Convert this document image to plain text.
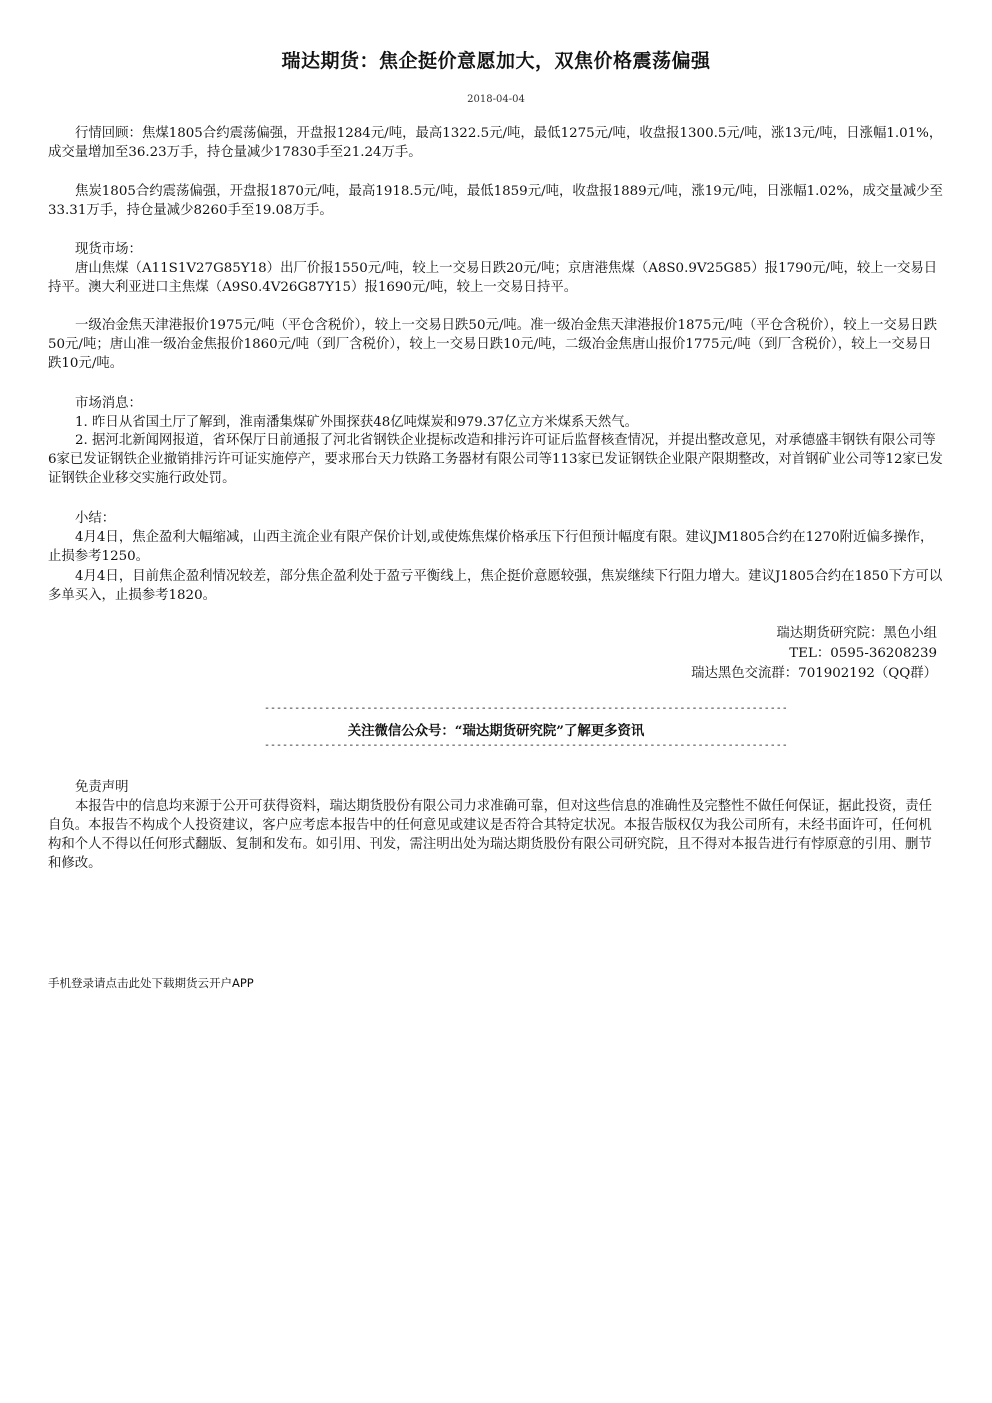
瑞达期货：焦企挺价意愿加大，双焦价格震荡偏强
2018-04-04
行情回顾：焦煤1805合约震荡偏强，开盘报1284元/吨，最高1322.5元/吨，最低1275元/吨，收盘报1300.5元/吨，涨13元/吨，日涨幅1.01%，成交量增加至36.23万手，持仓量减少17830手至21.24万手。
焦炭1805合约震荡偏强，开盘报1870元/吨，最高1918.5元/吨，最低1859元/吨，收盘报1889元/吨，涨19元/吨，日涨幅1.02%，成交量减少至33.31万手，持仓量减少8260手至19.08万手。
现货市场：
唐山焦煤（A11S1V27G85Y18）出厂价报1550元/吨，较上一交易日跌20元/吨；京唐港焦煤（A8S0.9V25G85）报1790元/吨，较上一交易日持平。澳大利亚进口主焦煤（A9S0.4V26G87Y15）报1690元/吨，较上一交易日持平。
一级冶金焦天津港报价1975元/吨（平仓含税价），较上一交易日跌50元/吨。准一级冶金焦天津港报价1875元/吨（平仓含税价），较上一交易日跌50元/吨；唐山准一级冶金焦报价1860元/吨（到厂含税价），较上一交易日跌10元/吨，二级冶金焦唐山报价1775元/吨（到厂含税价），较上一交易日跌10元/吨。
市场消息：
1. 昨日从省国土厅了解到，淮南潘集煤矿外围探获48亿吨煤炭和979.37亿立方米煤系天然气。
2. 据河北新闻网报道，省环保厅日前通报了河北省钢铁企业提标改造和排污许可证后监督核查情况，并提出整改意见，对承德盛丰钢铁有限公司等6家已发证钢铁企业撤销排污许可证实施停产，要求邢台天力铁路工务器材有限公司等113家已发证钢铁企业限产限期整改，对首钢矿业公司等12家已发证钢铁企业移交实施行政处罚。
小结：
4月4日，焦企盈利大幅缩减，山西主流企业有限产保价计划,或使炼焦煤价格承压下行但预计幅度有限。建议JM1805合约在1270附近偏多操作，止损参考1250。
4月4日，目前焦企盈利情况较差，部分焦企盈利处于盈亏平衡线上，焦企挺价意愿较强，焦炭继续下行阻力增大。建议J1805合约在1850下方可以多单买入，止损参考1820。
瑞达期货研究院：黑色小组
TEL：0595-36208239
瑞达黑色交流群：701902192（QQ群）
---------------------------------------------------------------------------------------
关注微信公众号：“瑞达期货研究院”了解更多资讯
---------------------------------------------------------------------------------------
免责声明
本报告中的信息均来源于公开可获得资料，瑞达期货股份有限公司力求准确可靠，但对这些信息的准确性及完整性不做任何保证，据此投资，责任自负。本报告不构成个人投资建议，客户应考虑本报告中的任何意见或建议是否符合其特定状况。本报告版权仅为我公司所有，未经书面许可，任何机构和个人不得以任何形式翻版、复制和发布。如引用、刊发，需注明出处为瑞达期货股份有限公司研究院，且不得对本报告进行有悖原意的引用、删节和修改。
手机登录请点击此处下载期货云开户APP
